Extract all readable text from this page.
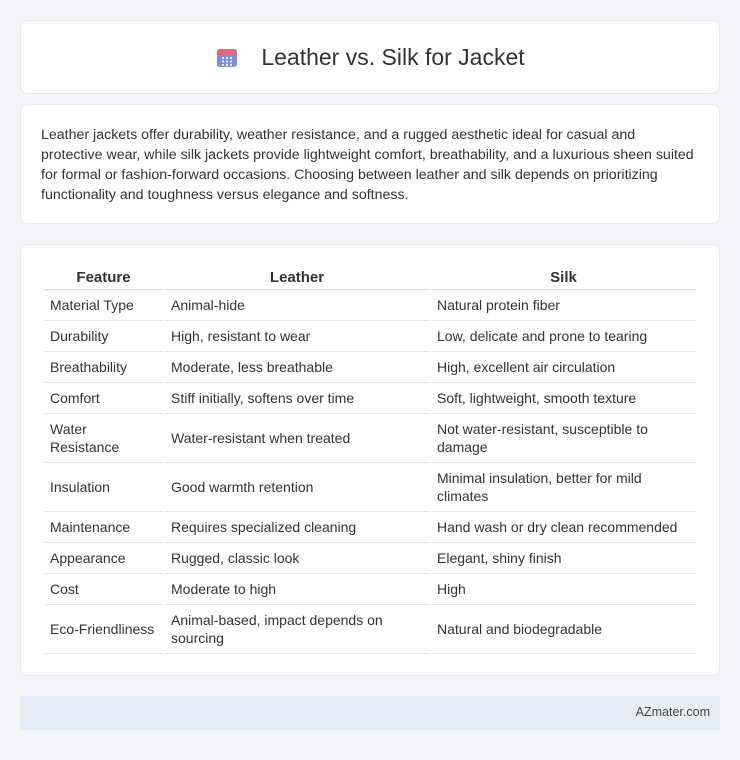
Leather vs. Silk for Jacket

Leather jackets offer durability, weather resistance, and a rugged aesthetic ideal for casual and protective wear, while silk jackets provide lightweight comfort, breathability, and a luxurious sheen suited for formal or fashion-forward occasions. Choosing between leather and silk depends on prioritizing functionality and toughness versus elegance and softness.

Feature	Leather	Silk
Material Type	Animal-hide	Natural protein fiber
Durability	High, resistant to wear	Low, delicate and prone to tearing
Breathability	Moderate, less breathable	High, excellent air circulation
Comfort	Stiff initially, softens over time	Soft, lightweight, smooth texture
Water Resistance	Water-resistant when treated	Not water-resistant, susceptible to damage
Insulation	Good warmth retention	Minimal insulation, better for mild climates
Maintenance	Requires specialized cleaning	Hand wash or dry clean recommended
Appearance	Rugged, classic look	Elegant, shiny finish
Cost	Moderate to high	High
Eco-Friendliness	Animal-based, impact depends on sourcing	Natural and biodegradable
AZmater.com
